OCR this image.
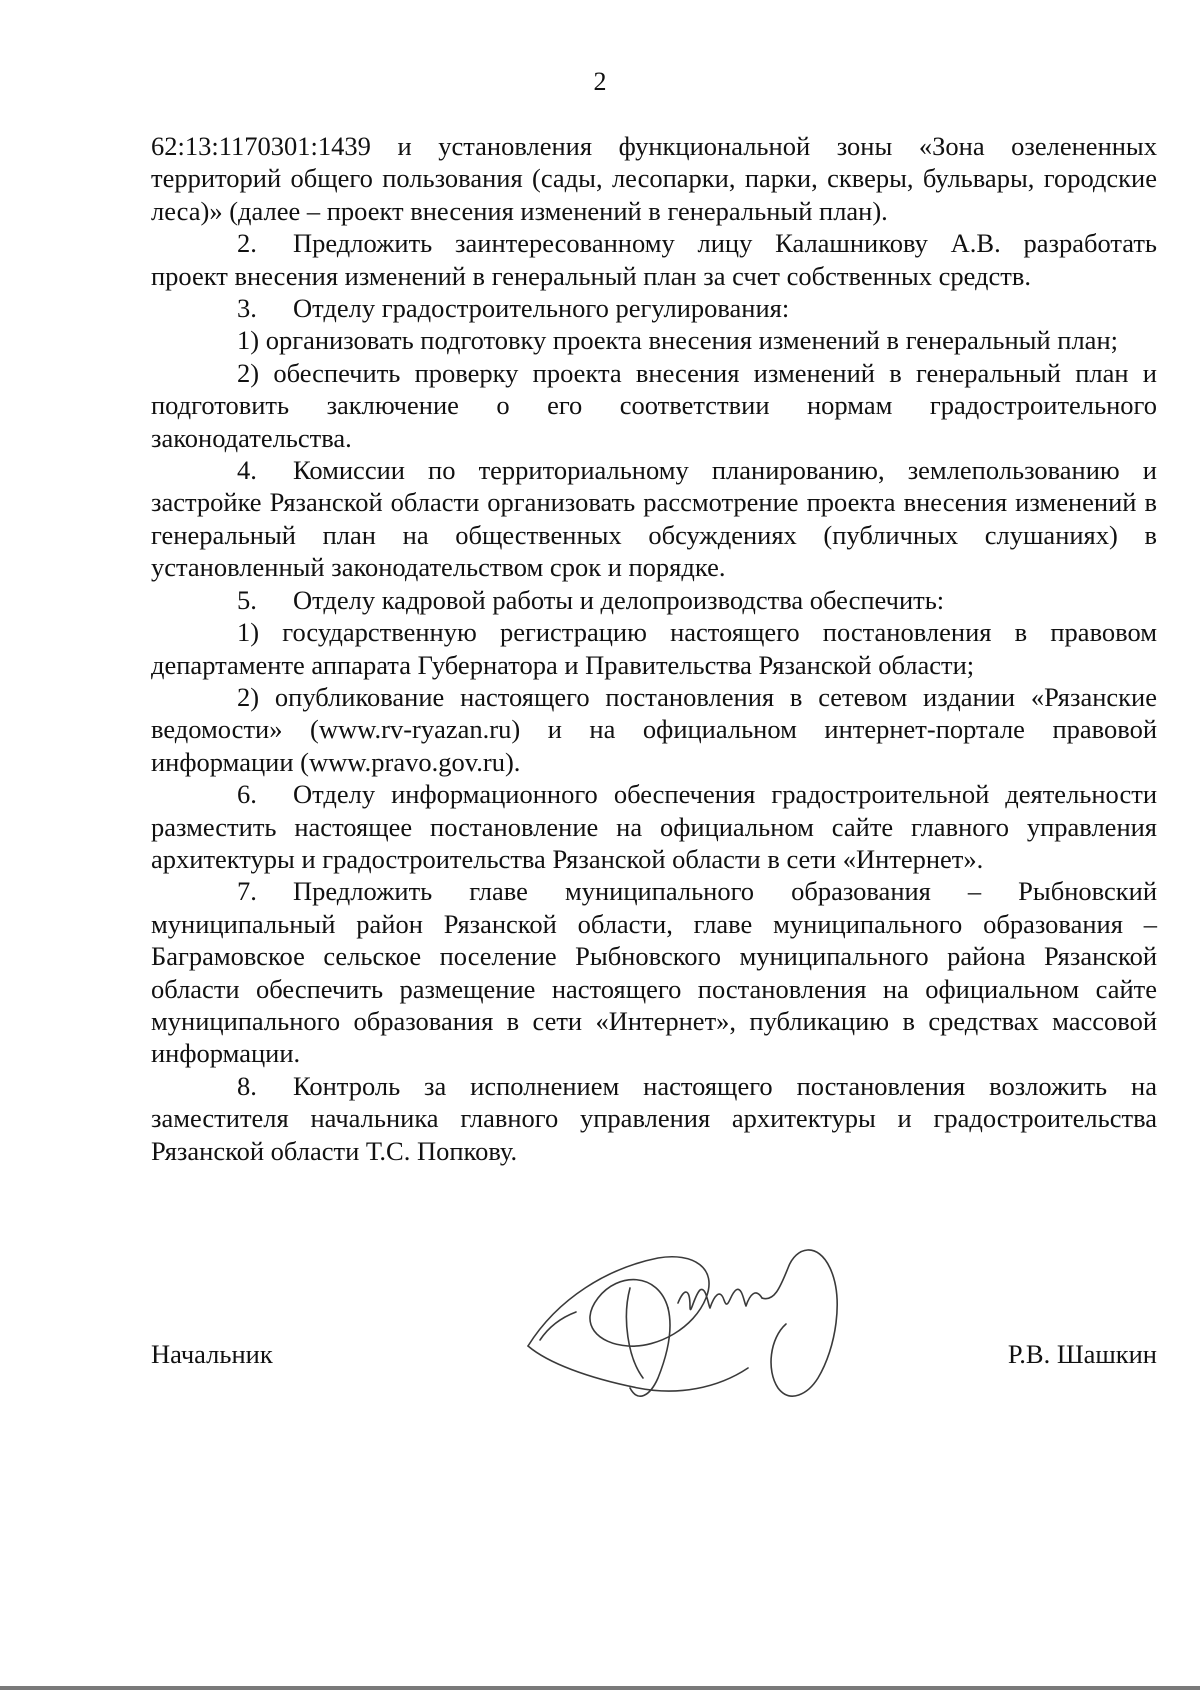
2

62:13:1170301:1439 и установления функциональной зоны «Зона озелененных территорий общего пользования (сады, лесопарки, парки, скверы, бульвары, городские леса)» (далее – проект внесения изменений в генеральный план).

2. Предложить заинтересованному лицу Калашникову А.В. разработать проект внесения изменений в генеральный план за счет собственных средств.

3. Отделу градостроительного регулирования:

1) организовать подготовку проекта внесения изменений в генеральный план;

2) обеспечить проверку проекта внесения изменений в генеральный план и подготовить заключение о его соответствии нормам градостроительного законодательства.

4. Комиссии по территориальному планированию, землепользованию и застройке Рязанской области организовать рассмотрение проекта внесения изменений в генеральный план на общественных обсуждениях (публичных слушаниях) в установленный законодательством срок и порядке.

5. Отделу кадровой работы и делопроизводства обеспечить:

1) государственную регистрацию настоящего постановления в правовом департаменте аппарата Губернатора и Правительства Рязанской области;

2) опубликование настоящего постановления в сетевом издании «Рязанские ведомости» (www.rv-ryazan.ru) и на официальном интернет-портале правовой информации (www.pravo.gov.ru).

6. Отделу информационного обеспечения градостроительной деятельности разместить настоящее постановление на официальном сайте главного управления архитектуры и градостроительства Рязанской области в сети «Интернет».

7. Предложить главе муниципального образования – Рыбновский муниципальный район Рязанской области, главе муниципального образования – Баграмовское сельское поселение Рыбновского муниципального района Рязанской области обеспечить размещение настоящего постановления на официальном сайте муниципального образования в сети «Интернет», публикацию в средствах массовой информации.

8. Контроль за исполнением настоящего постановления возложить на заместителя начальника главного управления архитектуры и градостроительства Рязанской области Т.С. Попкову.

Начальник	Р.В. Шашкин
